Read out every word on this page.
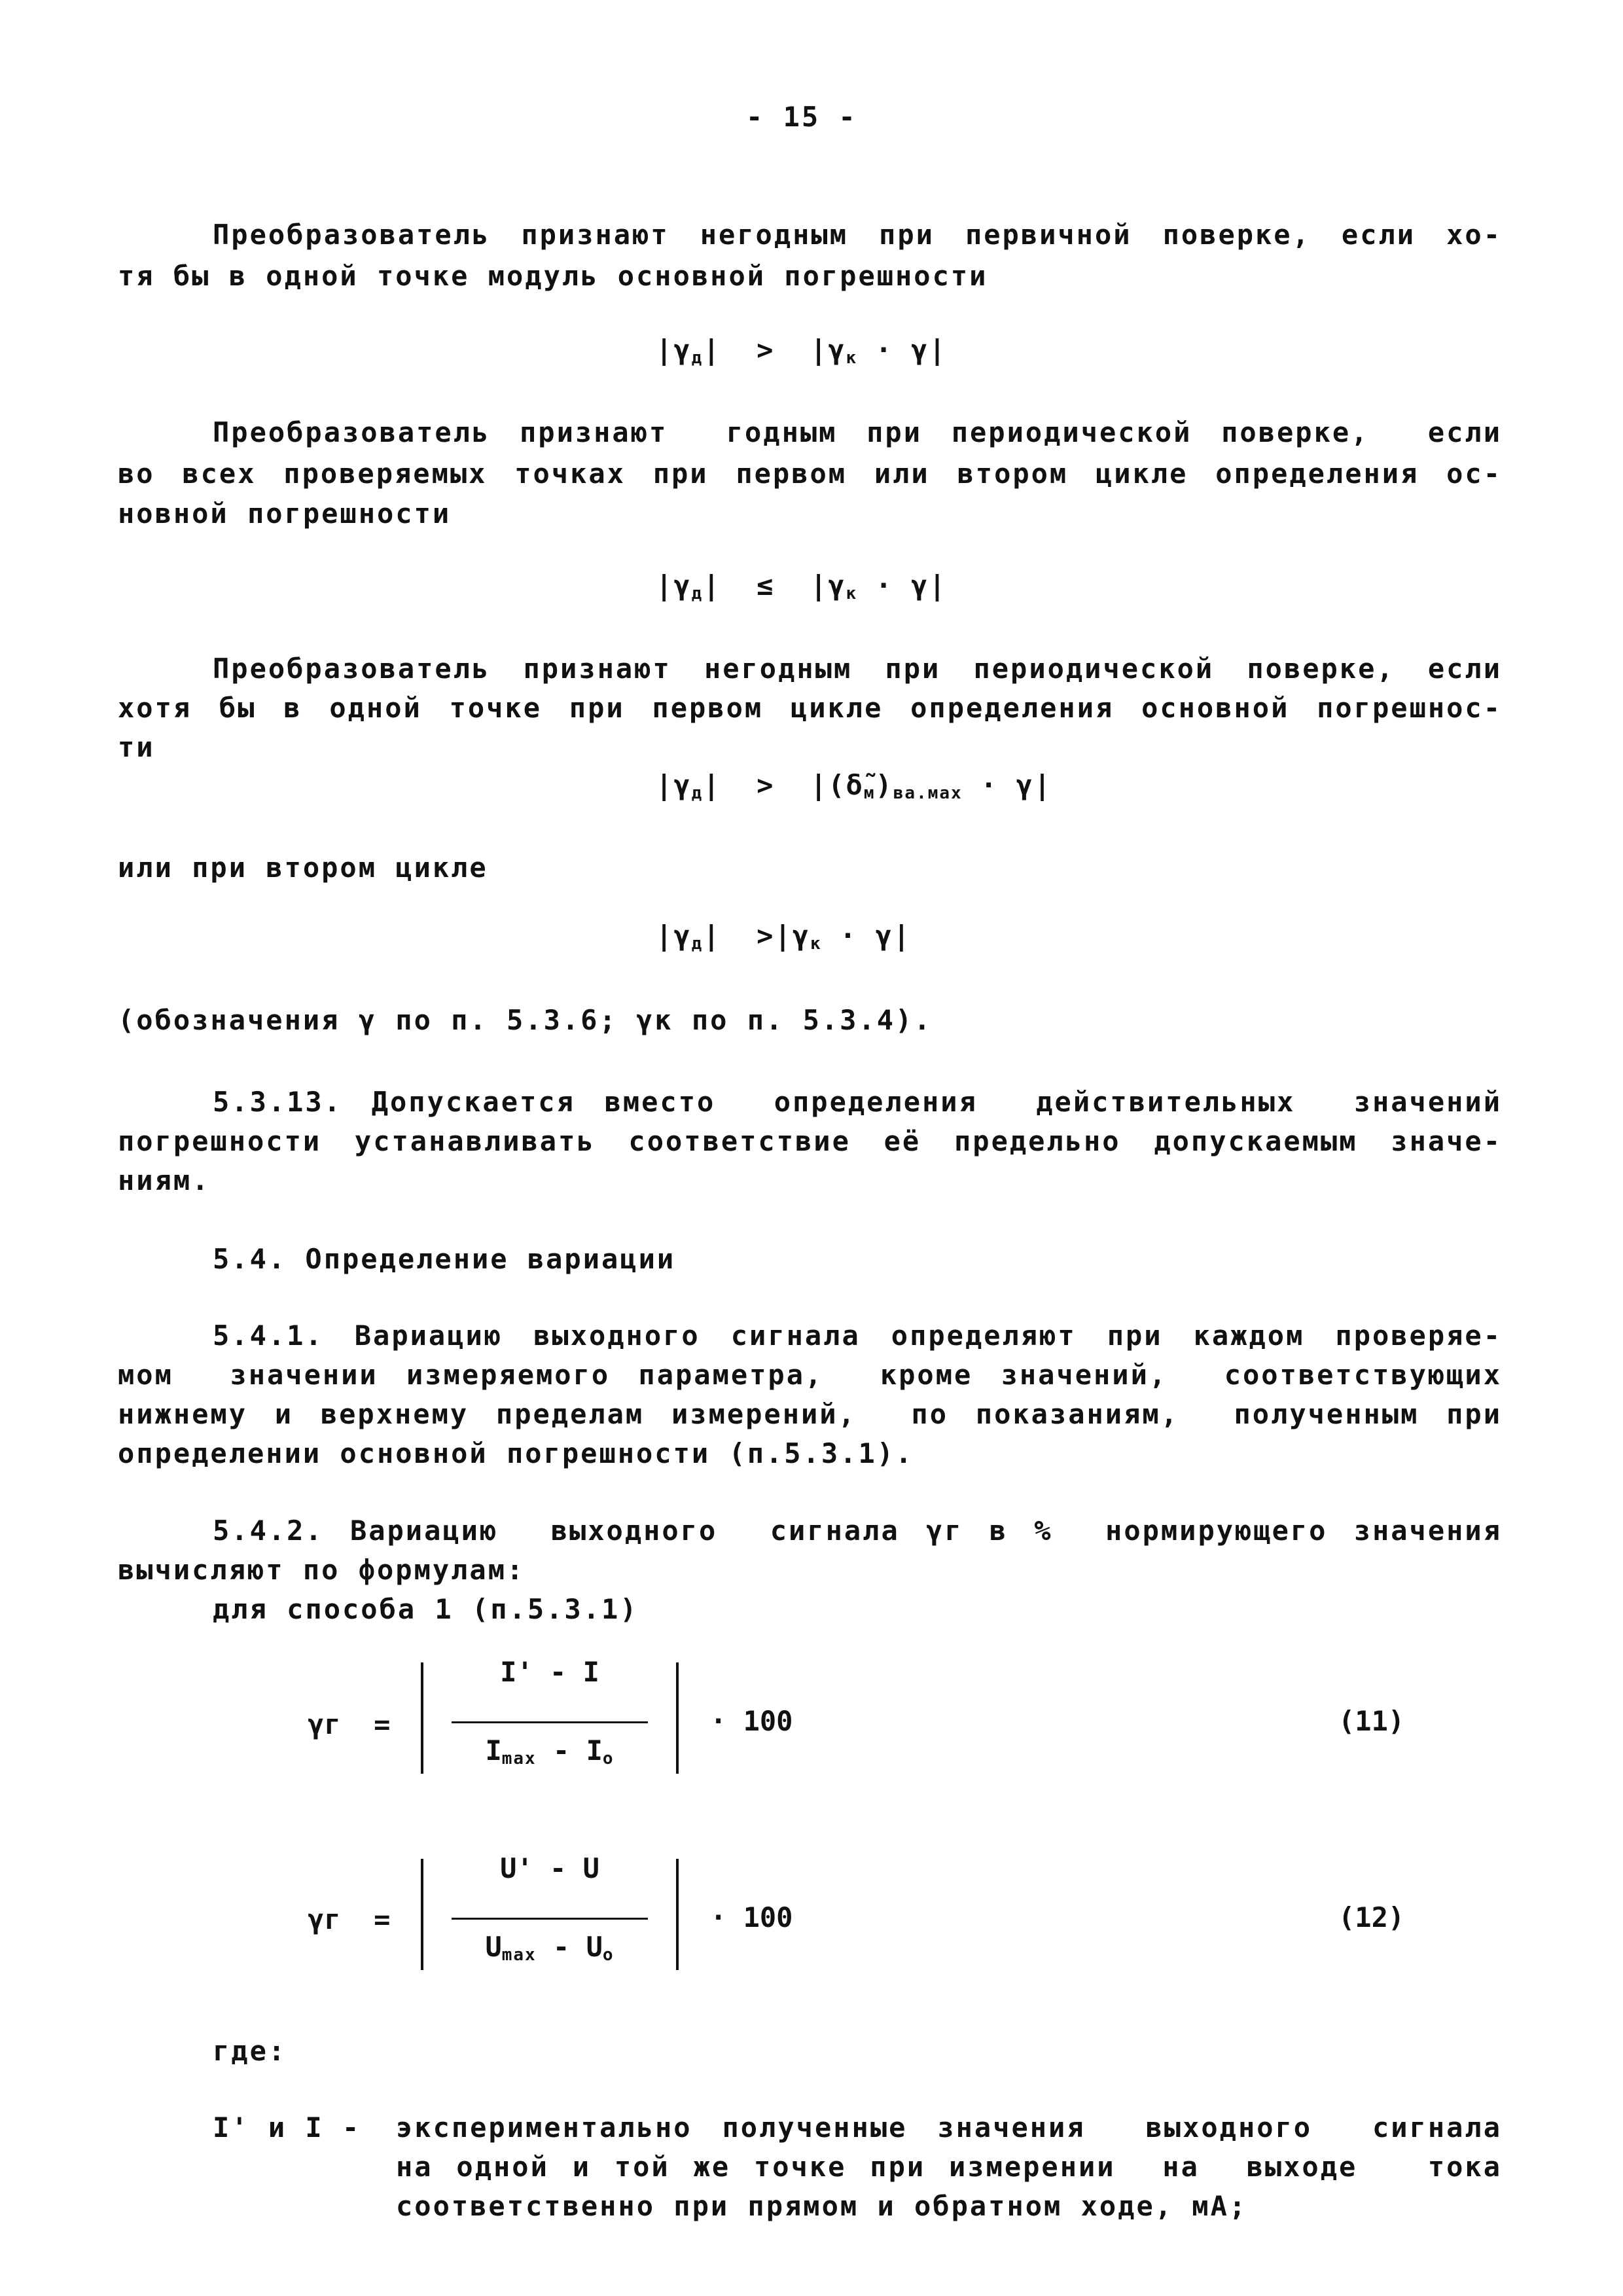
- 15 -
Преобразователь признают негодным при первичной поверке, если хо-
тя бы в одной точке модуль основной погрешности
$|\gamma_д| > |\gamma_к \cdot \gamma|$
Преобразователь признают  годным при периодической поверке,  если
во всех проверяемых точках при первом или втором цикле определения ос-
новной погрешности
$|\gamma_д| \le |\gamma_к \cdot \gamma|$
Преобразователь признают негодным при периодической поверке, если
хотя бы в одной точке при первом цикле определения основной погрешнос-
ти
$|\gamma_д|$  >  $|(\deltã_м)_{ва.мах} \cdot \gamma|$
или при втором цикле
$|\gamma_д| >|\gamma_к \cdot \gamma|$
(обозначения γ по п. 5.3.6; γк по п. 5.3.4).
5.3.13. Допускается вместо  определения  действительных  значений
погрешности устанавливать соответствие её предельно допускаемым значе-
ниям.
5.4. Определение вариации
5.4.1. Вариацию выходного сигнала определяют при каждом проверяе-
мом  значении измеряемого параметра,  кроме значений,  соответствующих
нижнему и верхнему пределам измерений,  по показаниям,  полученным при
определении основной погрешности (п.5.3.1).
5.4.2. Вариацию  выходного  сигнала γг в %  нормирующего значения
вычисляют по формулам:
для способа 1 (п.5.3.1)
γг  =
I' - I
$I_{max} - I_o$
· 100	(11)
γг  =
U' - U
$U_{max} - U_o$
· 100	(12)
где:
I' и I - экспериментально полученные значения  выходного  сигнала
на одной и той же точке при измерении  на  выходе   тока
соответственно при прямом и обратном ходе, мА;
